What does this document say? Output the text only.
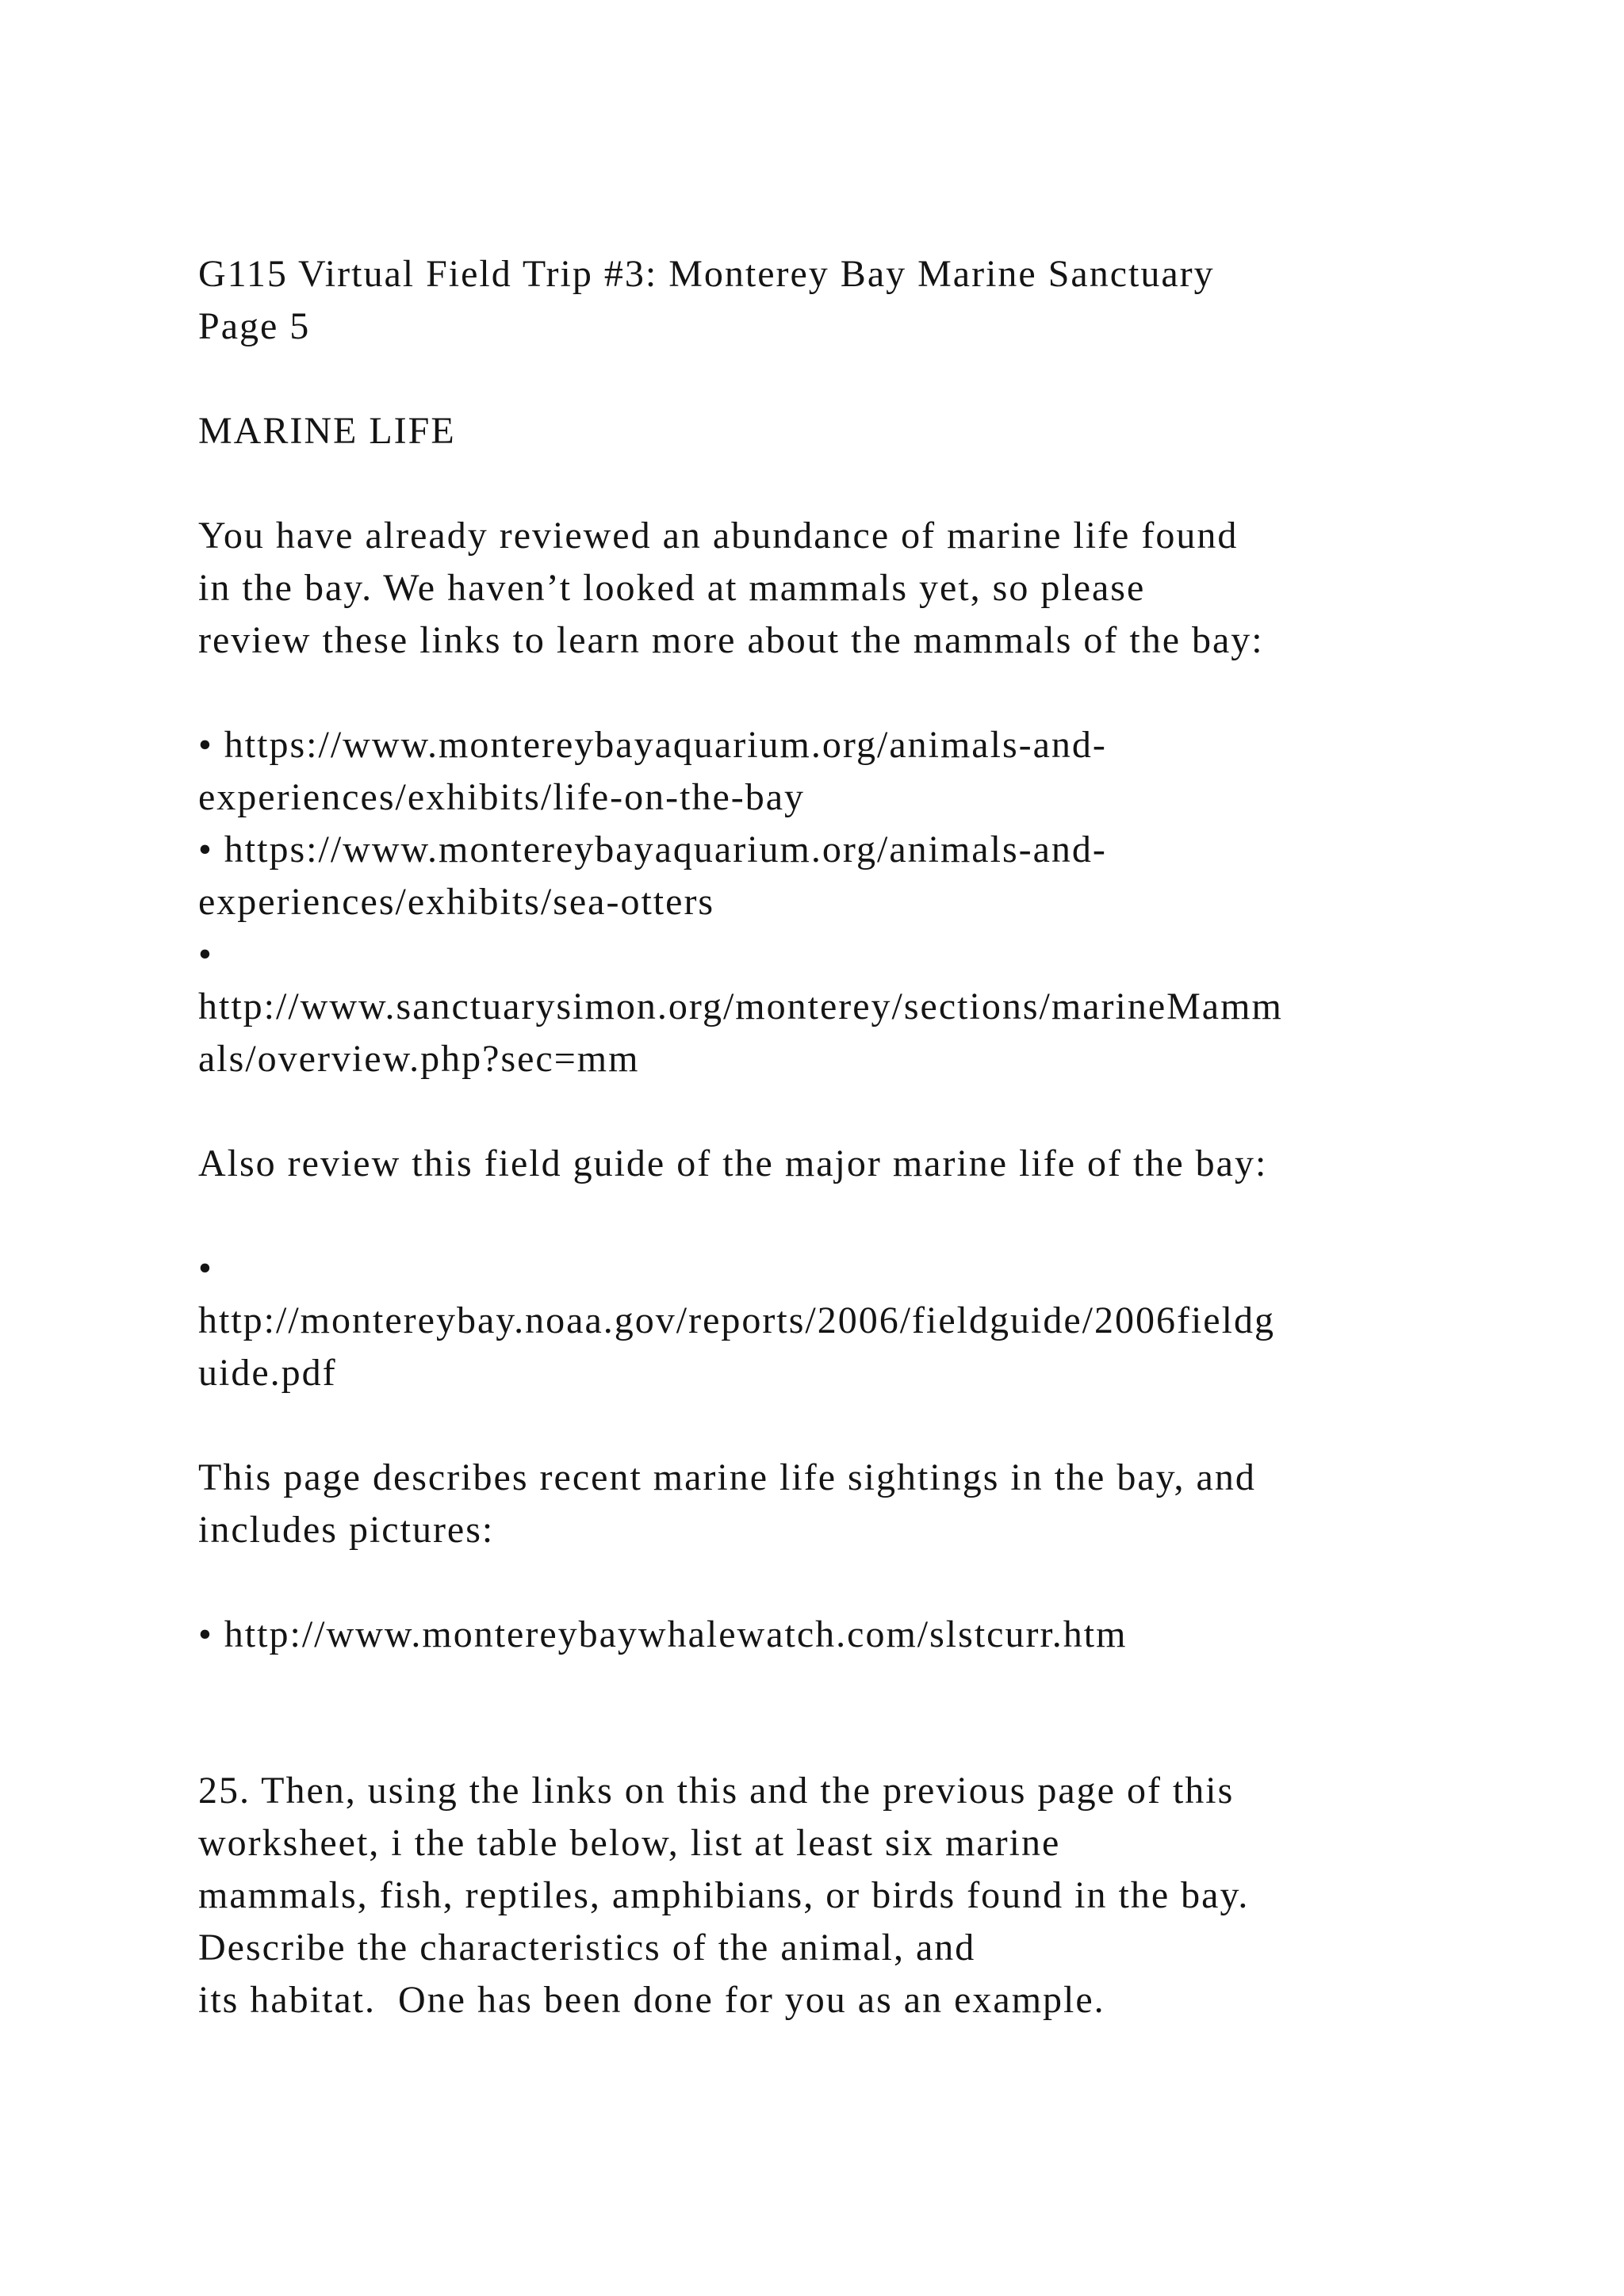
G115 Virtual Field Trip #3: Monterey Bay Marine Sanctuary

Page 5

MARINE LIFE

You have already reviewed an abundance of marine life found

in the bay. We haven’t looked at mammals yet, so please

review these links to learn more about the mammals of the bay:

• https://www.montereybayaquarium.org/animals-and-

experiences/exhibits/life-on-the-bay

• https://www.montereybayaquarium.org/animals-and-

experiences/exhibits/sea-otters

•

http://www.sanctuarysimon.org/monterey/sections/marineMamm

als/overview.php?sec=mm

Also review this field guide of the major marine life of the bay:

•

http://montereybay.noaa.gov/reports/2006/fieldguide/2006fieldg

uide.pdf

This page describes recent marine life sightings in the bay, and

includes pictures:

• http://www.montereybaywhalewatch.com/slstcurr.htm

25. Then, using the links on this and the previous page of this

worksheet, i the table below, list at least six marine

mammals, fish, reptiles, amphibians, or birds found in the bay.

Describe the characteristics of the animal, and

its habitat.  One has been done for you as an example.
